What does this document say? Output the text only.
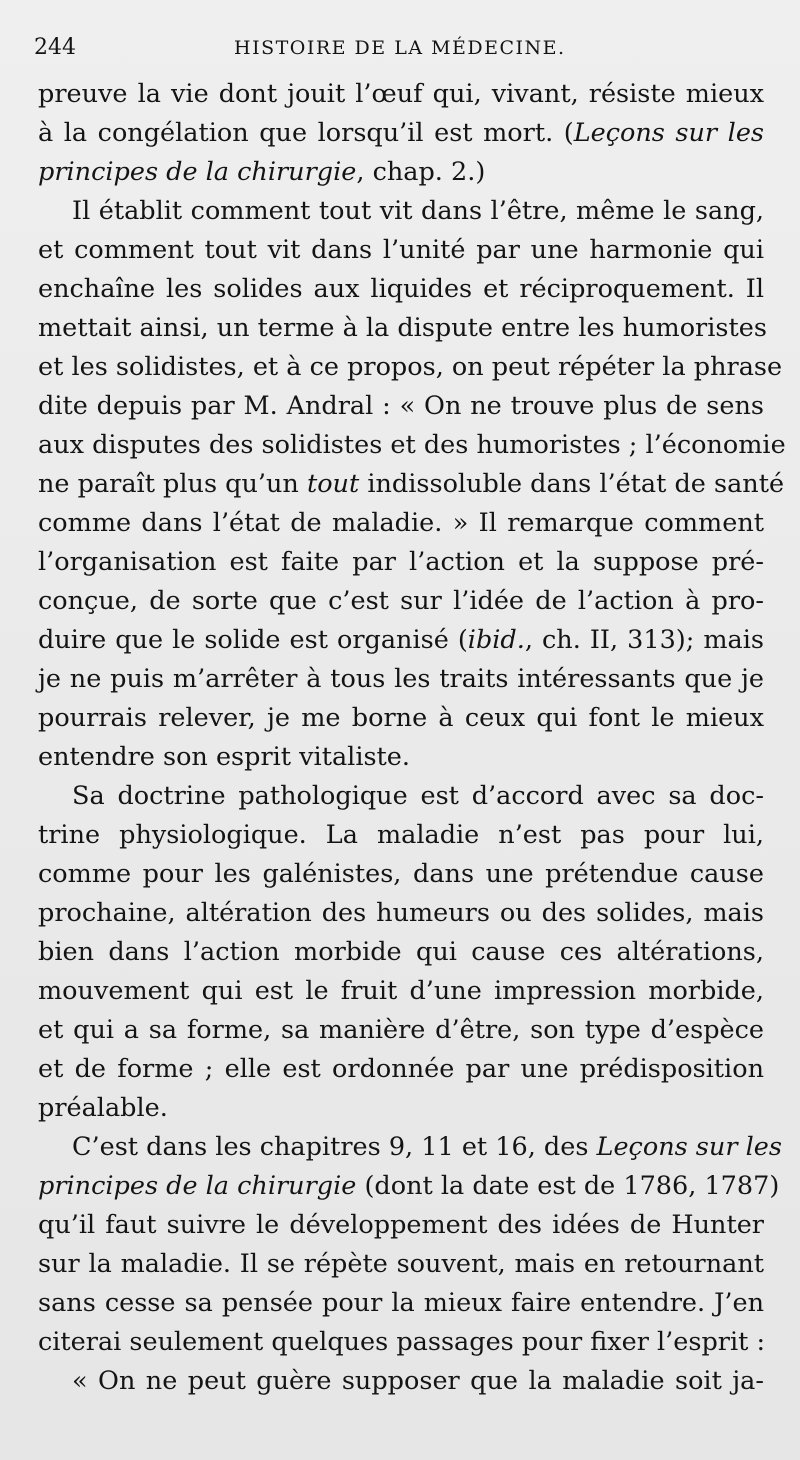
244	HISTOIRE DE LA MÉDECINE.
preuve la vie dont jouit l’œuf qui, vivant, résiste mieux
à la congélation que lorsqu’il est mort. (Leçons sur les
principes de la chirurgie, chap. 2.)
Il établit comment tout vit dans l’être, même le sang,
et comment tout vit dans l’unité par une harmonie qui
enchaîne les solides aux liquides et réciproquement. Il
mettait ainsi, un terme à la dispute entre les humoristes
et les solidistes, et à ce propos, on peut répéter la phrase
dite depuis par M. Andral : « On ne trouve plus de sens
aux disputes des solidistes et des humoristes ; l’économie
ne paraît plus qu’un tout indissoluble dans l’état de santé
comme dans l’état de maladie. » Il remarque comment
l’organisation est faite par l’action et la suppose pré-
conçue, de sorte que c’est sur l’idée de l’action à pro-
duire que le solide est organisé (ibid., ch. II, 313); mais
je ne puis m’arrêter à tous les traits intéressants que je
pourrais relever, je me borne à ceux qui font le mieux
entendre son esprit vitaliste.
Sa doctrine pathologique est d’accord avec sa doc-
trine physiologique. La maladie n’est pas pour lui,
comme pour les galénistes, dans une prétendue cause
prochaine, altération des humeurs ou des solides, mais
bien dans l’action morbide qui cause ces altérations,
mouvement qui est le fruit d’une impression morbide,
et qui a sa forme, sa manière d’être, son type d’espèce
et de forme ; elle est ordonnée par une prédisposition
préalable.
C’est dans les chapitres 9, 11 et 16, des Leçons sur les
principes de la chirurgie (dont la date est de 1786, 1787)
qu’il faut suivre le développement des idées de Hunter
sur la maladie. Il se répète souvent, mais en retournant
sans cesse sa pensée pour la mieux faire entendre. J’en
citerai seulement quelques passages pour fixer l’esprit :
« On ne peut guère supposer que la maladie soit ja-
